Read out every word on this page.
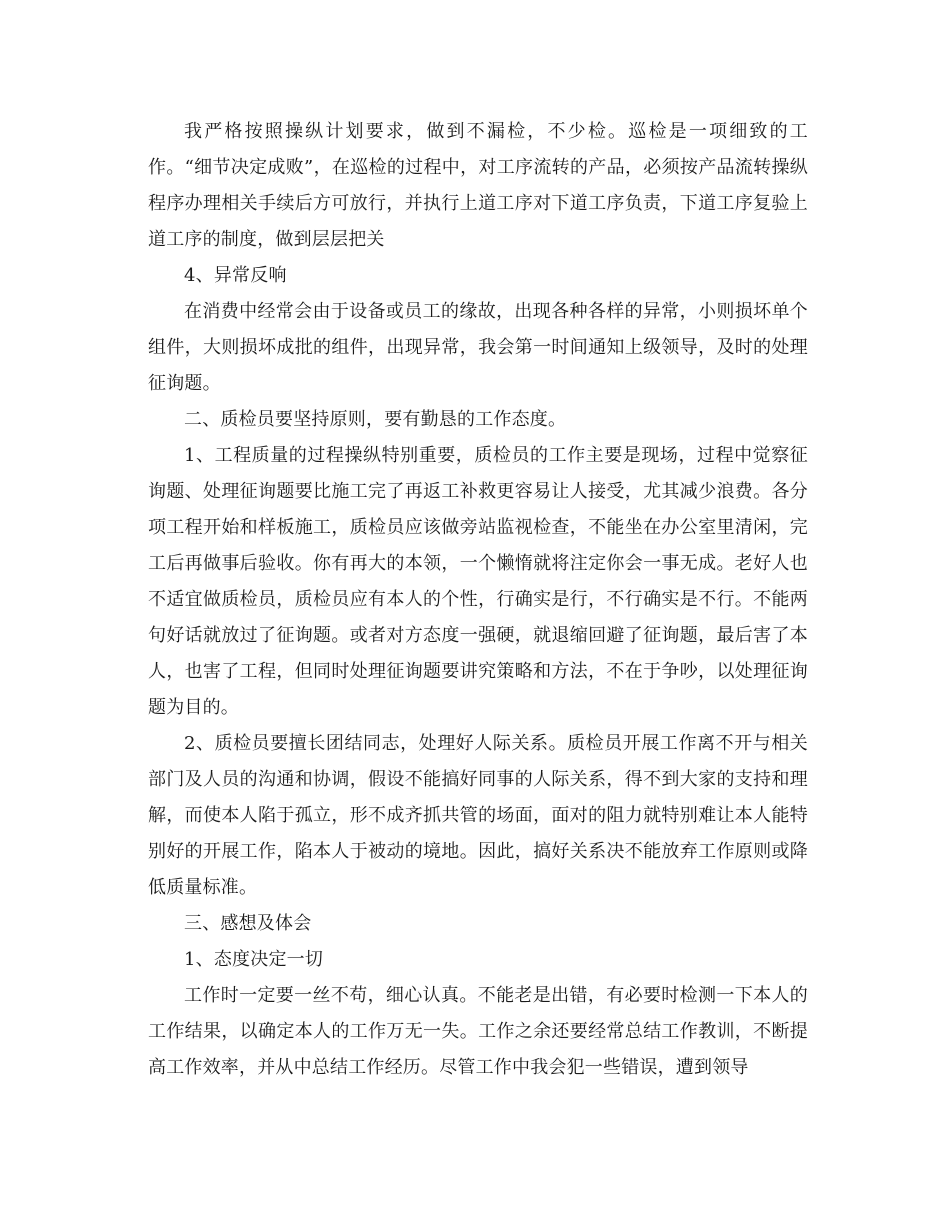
我严格按照操纵计划要求，做到不漏检，不少检。巡检是一项细致的工作。“细节决定成败”，在巡检的过程中，对工序流转的产品，必须按产品流转操纵程序办理相关手续后方可放行，并执行上道工序对下道工序负责，下道工序复验上道工序的制度，做到层层把关

4、异常反响

在消费中经常会由于设备或员工的缘故，出现各种各样的异常，小则损坏单个组件，大则损坏成批的组件，出现异常，我会第一时间通知上级领导，及时的处理征询题。

二、质检员要坚持原则，要有勤恳的工作态度。

1、工程质量的过程操纵特别重要，质检员的工作主要是现场，过程中觉察征询题、处理征询题要比施工完了再返工补救更容易让人接受，尤其减少浪费。各分项工程开始和样板施工，质检员应该做旁站监视检查，不能坐在办公室里清闲，完工后再做事后验收。你有再大的本领，一个懒惰就将注定你会一事无成。老好人也不适宜做质检员，质检员应有本人的个性，行确实是行，不行确实是不行。不能两句好话就放过了征询题。或者对方态度一强硬，就退缩回避了征询题，最后害了本人，也害了工程，但同时处理征询题要讲究策略和方法，不在于争吵，以处理征询题为目的。

2、质检员要擅长团结同志，处理好人际关系。质检员开展工作离不开与相关部门及人员的沟通和协调，假设不能搞好同事的人际关系，得不到大家的支持和理解，而使本人陷于孤立，形不成齐抓共管的场面，面对的阻力就特别难让本人能特别好的开展工作，陷本人于被动的境地。因此，搞好关系决不能放弃工作原则或降低质量标准。

三、感想及体会

1、态度决定一切

工作时一定要一丝不苟，细心认真。不能老是出错，有必要时检测一下本人的工作结果，以确定本人的工作万无一失。工作之余还要经常总结工作教训，不断提高工作效率，并从中总结工作经历。尽管工作中我会犯一些错误，遭到领导
